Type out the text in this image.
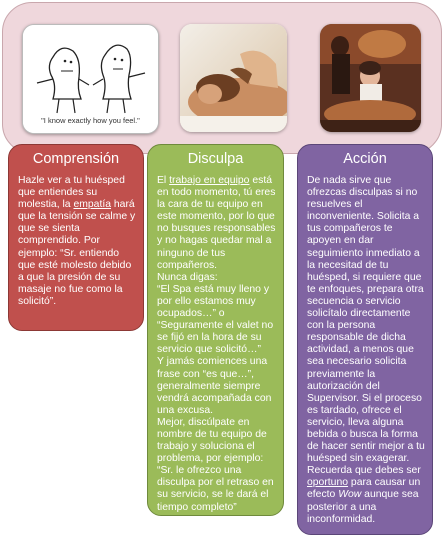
"I know exactly how you feel."
Comprensión

Hazle ver a tu huésped que entiendes su molestia, la empatía hará que la tensión se calme y que se sienta comprendido. Por ejemplo: “Sr. entiendo que esté molesto debido a que la presión de su masaje no fue como la solicitó”.

Disculpa

El trabajo en equipo está en todo momento, tú eres la cara de tu equipo en este momento, por lo que no busques responsables y no hagas quedar mal a ninguno de tus compañeros.

Nunca digas:

“El Spa está muy lleno y por ello estamos muy ocupados…” o

“Seguramente el valet no se fijó en la hora de su servicio que solicitó…”

Y jamás comiences una frase con “es que…”, generalmente siempre vendrá acompañada con una excusa.

Mejor, discúlpate en nombre de tu equipo de trabajo y soluciona el problema, por ejemplo:

“Sr. le ofrezco una disculpa por el retraso en su servicio, se le dará el tiempo completo”

Acción

De nada sirve que ofrezcas disculpas si no resuelves el inconveniente. Solicita a tus compañeros te apoyen en dar seguimiento inmediato a la necesitad de tu huésped, si requiere que te enfoques, prepara otra secuencia o servicio solicítalo directamente con la persona responsable de dicha actividad, a menos que sea necesario solicita previamente la autorización del Supervisor. Si el proceso es tardado, ofrece el servicio, lleva alguna bebida o busca la forma de hacer sentir mejor a tu huésped sin exagerar. Recuerda que debes ser oportuno para causar un efecto Wow aunque sea posterior a una inconformidad.
